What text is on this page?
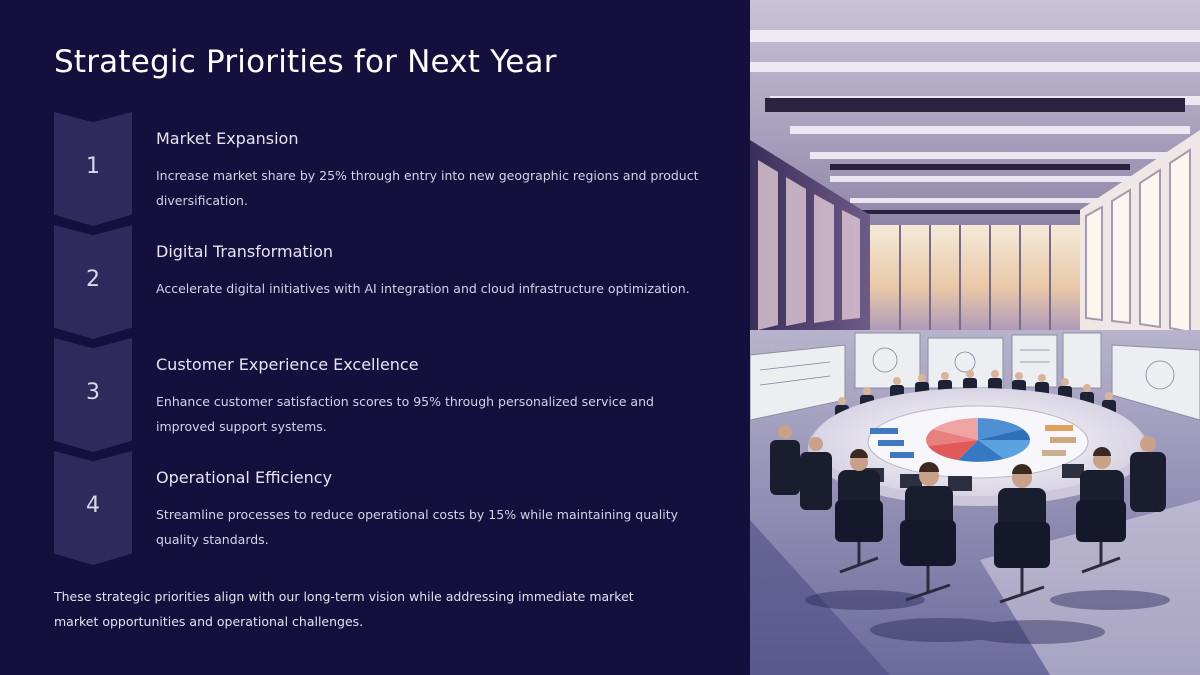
Strategic Priorities for Next Year
1
Market Expansion
Increase market share by 25% through entry into new geographic regions and product diversification.
2
Digital Transformation
Accelerate digital initiatives with AI integration and cloud infrastructure optimization.
3
Customer Experience Excellence
Enhance customer satisfaction scores to 95% through personalized service and improved support systems.
4
Operational Efficiency
Streamline processes to reduce operational costs by 15% while maintaining quality quality standards.
These strategic priorities align with our long-term vision while addressing immediate market market opportunities and operational challenges.
